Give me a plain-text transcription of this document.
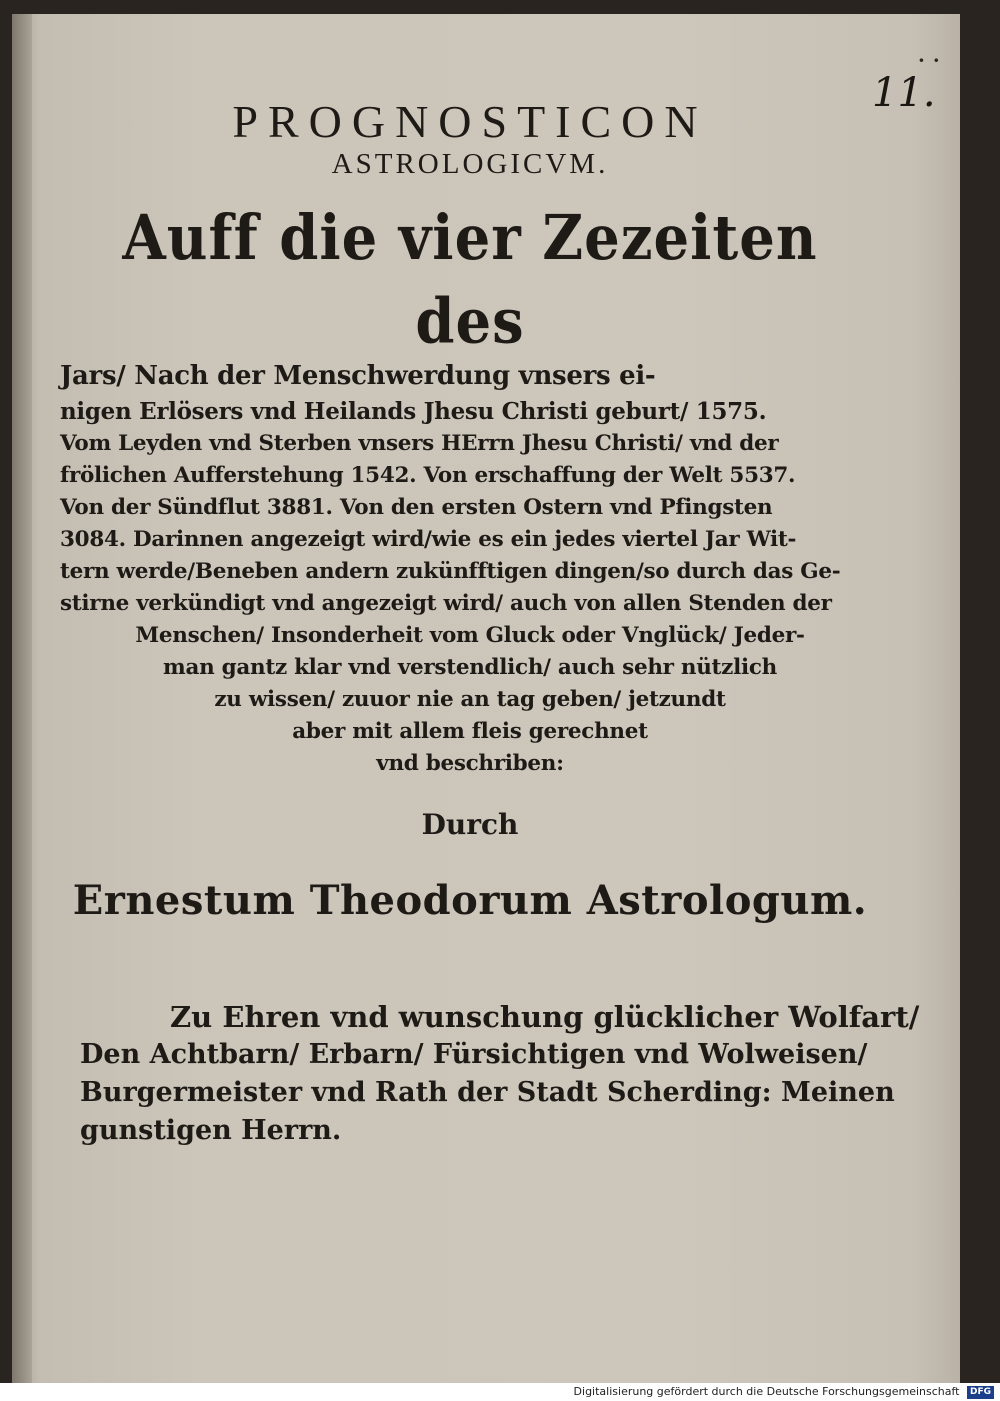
··
11.
PROGNOSTICON
ASTROLOGICVM.
Auff die vier Zezeiten des
Jars/ Nach der Menschwerdung vnsers ei-
nigen Erlösers vnd Heilands Jhesu Christi geburt/ 1575.
Vom Leyden vnd Sterben vnsers HErrn Jhesu Christi/ vnd der
frölichen Aufferstehung 1542. Von erschaffung der Welt 5537.
Von der Sündflut 3881. Von den ersten Ostern vnd Pfingsten
3084. Darinnen angezeigt wird/wie es ein jedes viertel Jar Wit-
tern werde/Beneben andern zukünfftigen dingen/so durch das Ge-
stirne verkündigt vnd angezeigt wird/ auch von allen Stenden der
Menschen/ Insonderheit vom Gluck oder Vnglück/ Jeder-
man gantz klar vnd verstendlich/ auch sehr nützlich
zu wissen/ zuuor nie an tag geben/ jetzundt
aber mit allem fleis gerechnet
vnd beschriben:
Durch
Ernestum Theodorum Astrologum.
Zu Ehren vnd wunschung glücklicher Wolfart/
Den Achtbarn/ Erbarn/ Fürsichtigen vnd Wolweisen/
Burgermeister vnd Rath der Stadt Scherding: Meinen
gunstigen Herrn.
Digitalisierung gefördert durch die Deutsche Forschungsgemeinschaft DFG
